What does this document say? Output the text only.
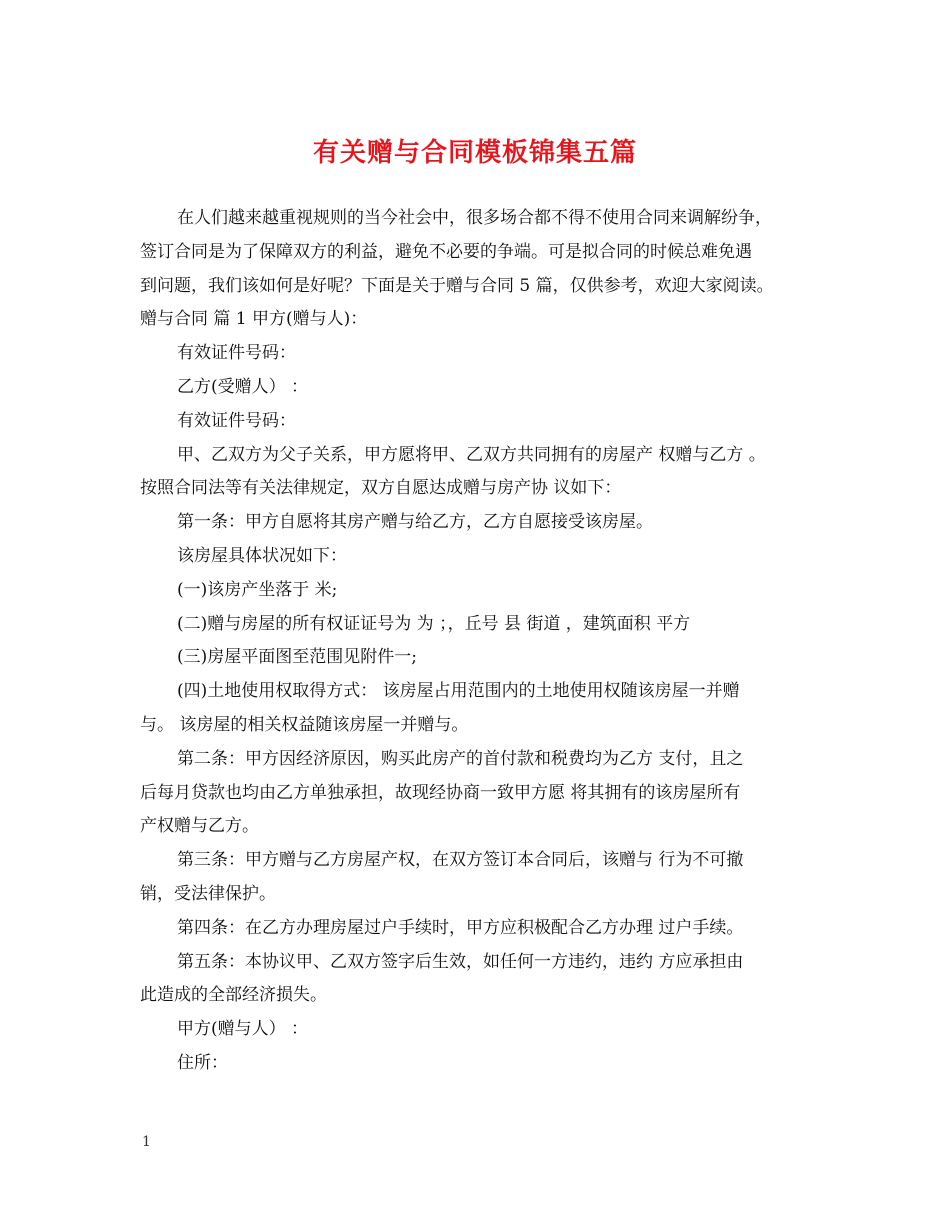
有关赠与合同模板锦集五篇
在人们越来越重视规则的当今社会中，很多场合都不得不使用合同来调解纷争，
签订合同是为了保障双方的利益，避免不必要的争端。可是拟合同的时候总难免遇
到问题，我们该如何是好呢？下面是关于赠与合同 5 篇，仅供参考，欢迎大家阅读。
赠与合同 篇 1 甲方(赠与人)：
有效证件号码：
乙方(受赠人） ：
有效证件号码：
甲、乙双方为父子关系，甲方愿将甲、乙双方共同拥有的房屋产 权赠与乙方 。
按照合同法等有关法律规定，双方自愿达成赠与房产协 议如下：
第一条：甲方自愿将其房产赠与给乙方，乙方自愿接受该房屋。
该房屋具体状况如下：
(一)该房产坐落于 米;
(二)赠与房屋的所有权证证号为 为 ；，丘号 县 街道 ，建筑面积 平方
(三)房屋平面图至范围见附件一;
(四)土地使用权取得方式： 该房屋占用范围内的土地使用权随该房屋一并赠
与。 该房屋的相关权益随该房屋一并赠与。
第二条：甲方因经济原因，购买此房产的首付款和税费均为乙方 支付，且之
后每月贷款也均由乙方单独承担，故现经协商一致甲方愿 将其拥有的该房屋所有
产权赠与乙方。
第三条：甲方赠与乙方房屋产权，在双方签订本合同后，该赠与 行为不可撤
销，受法律保护。
第四条：在乙方办理房屋过户手续时，甲方应积极配合乙方办理 过户手续。
第五条：本协议甲、乙双方签字后生效，如任何一方违约，违约 方应承担由
此造成的全部经济损失。
甲方(赠与人） ：
住所：
1
